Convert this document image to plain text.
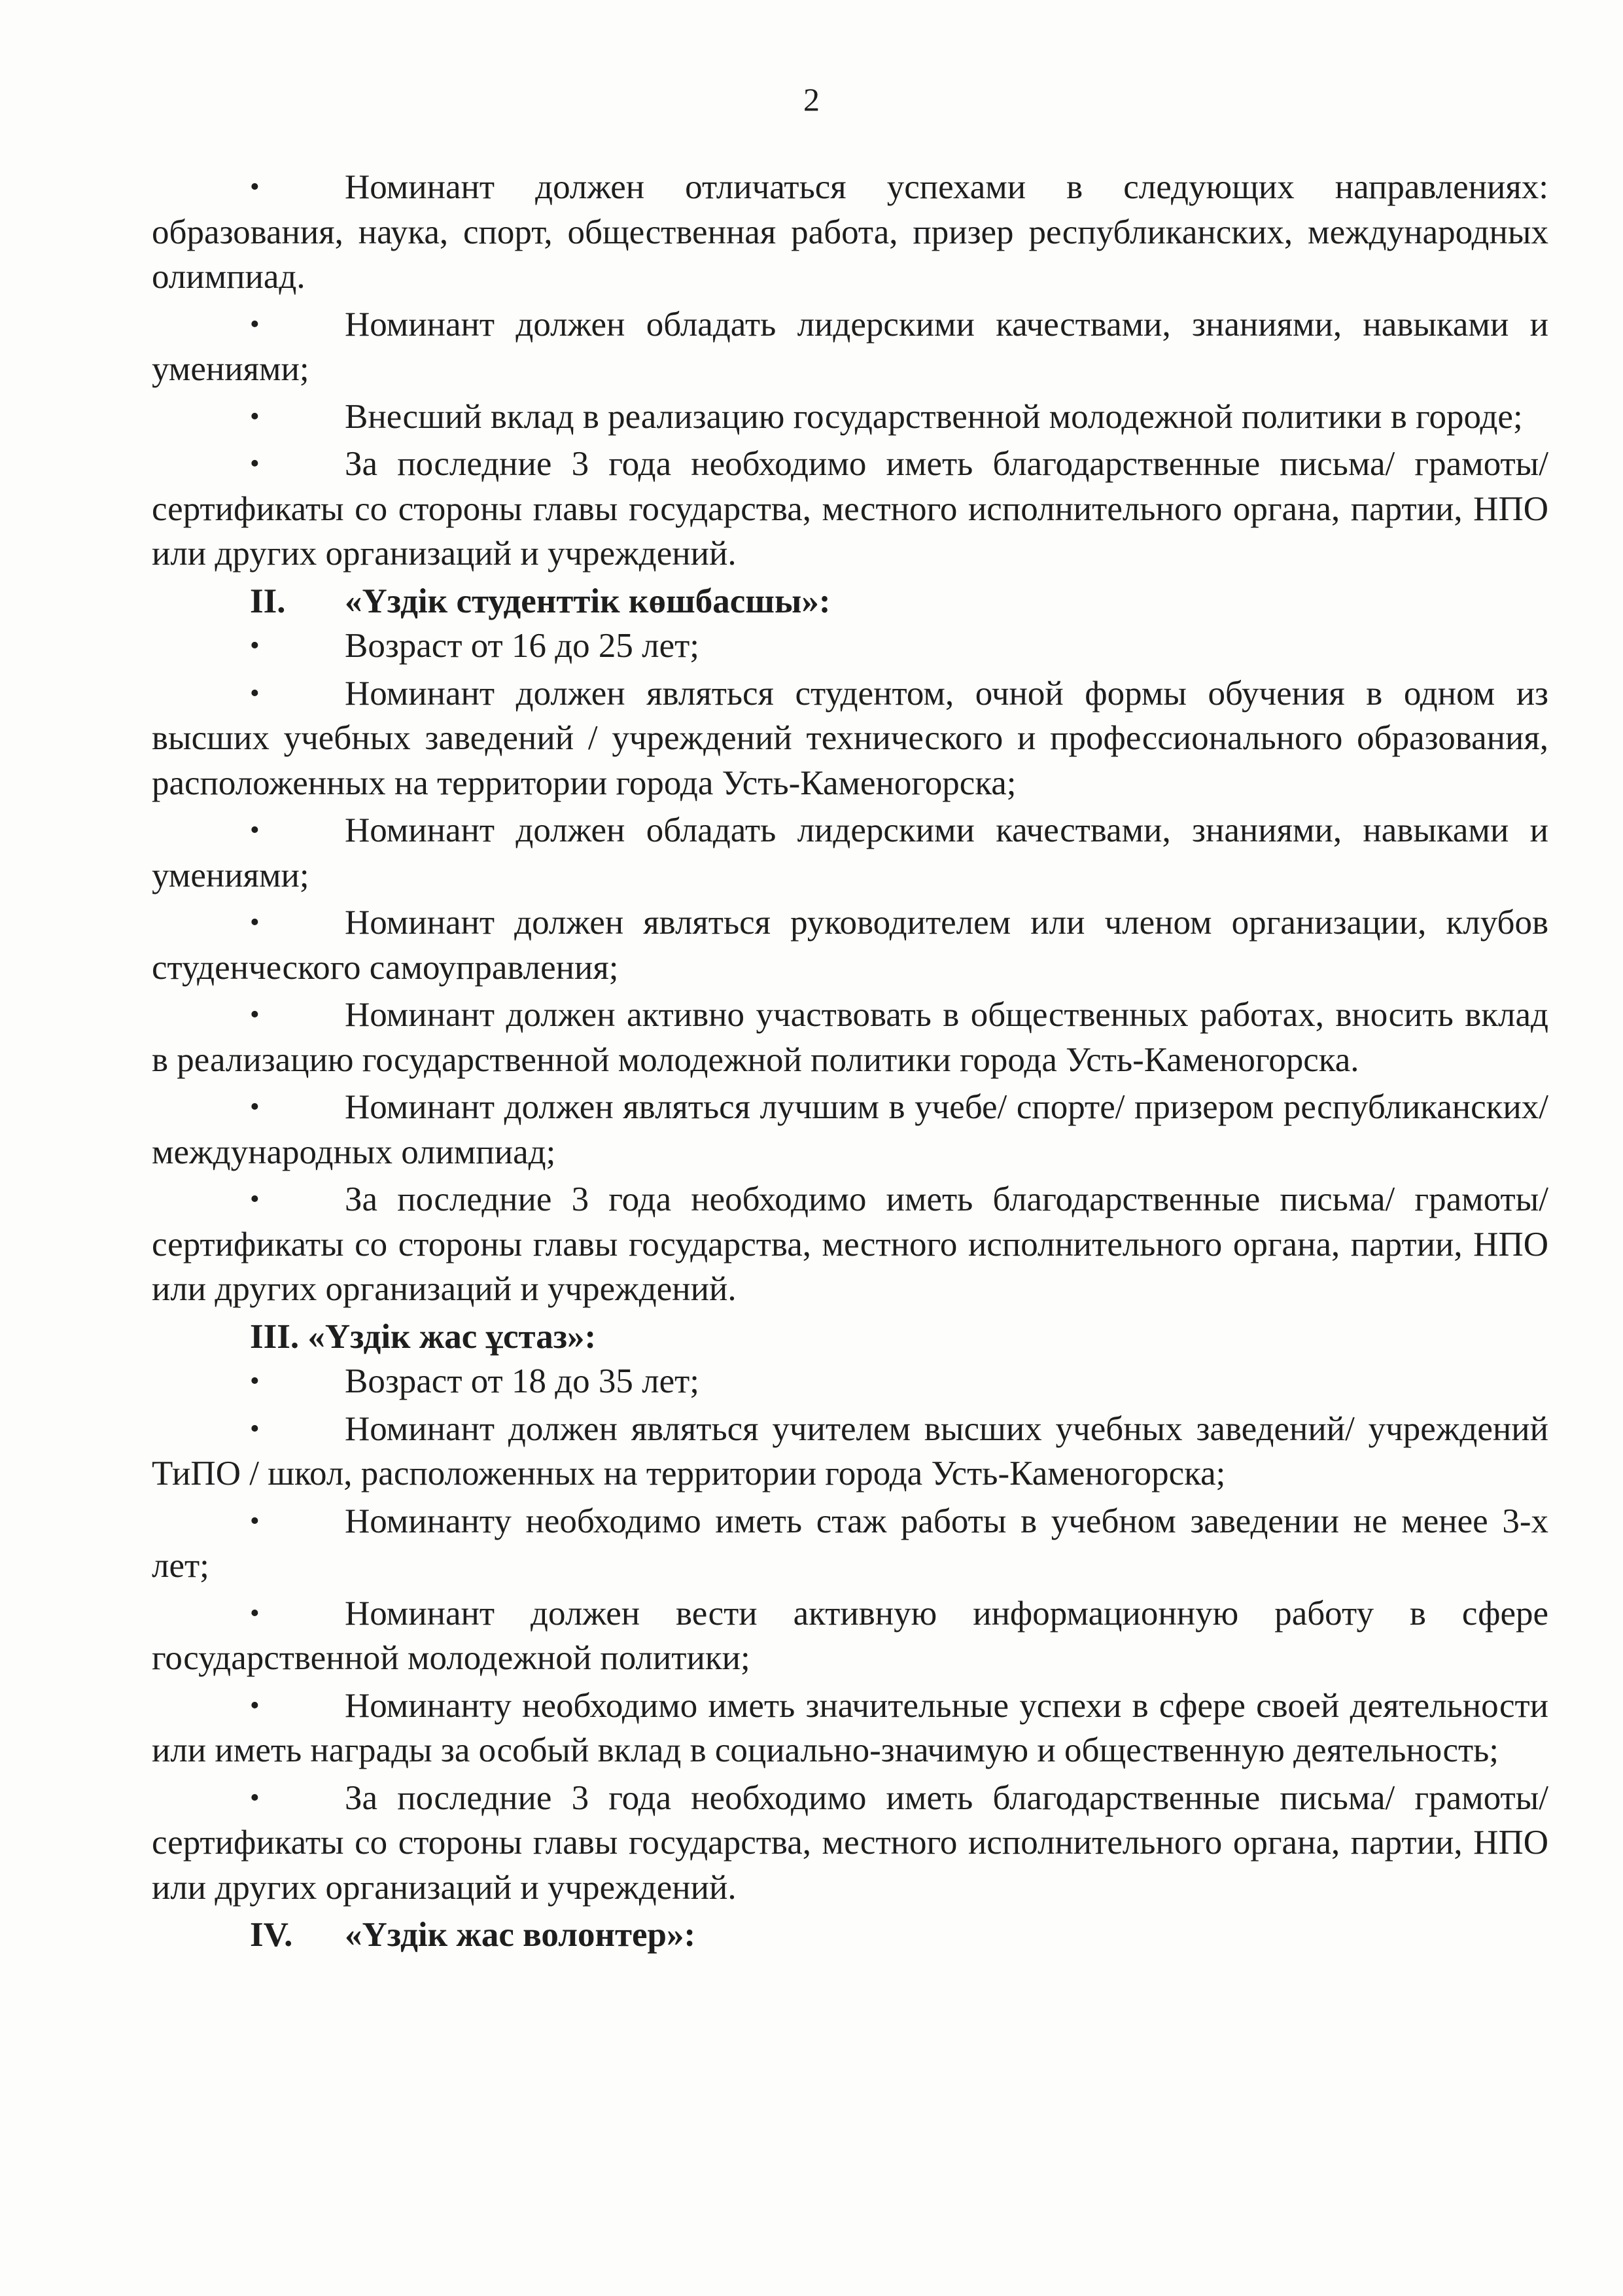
2

• Номинант должен отличаться успехами в следующих направлениях: образования, наука, спорт, общественная работа, призер республиканских, международных олимпиад.

• Номинант должен обладать лидерскими качествами, знаниями, навыками и умениями;

• Внесший вклад в реализацию государственной молодежной политики в городе;

• За последние 3 года необходимо иметь благодарственные письма/ грамоты/ сертификаты со стороны главы государства, местного исполнительного органа, партии, НПО или других организаций и учреждений.

II. «Үздік студенттік көшбасшы»:

• Возраст от 16 до 25 лет;

• Номинант должен являться студентом, очной формы обучения в одном из высших учебных заведений / учреждений технического и профессионального образования, расположенных на территории города Усть-Каменогорска;

• Номинант должен обладать лидерскими качествами, знаниями, навыками и умениями;

• Номинант должен являться руководителем или членом организации, клубов студенческого самоуправления;

• Номинант должен активно участвовать в общественных работах, вносить вклад в реализацию государственной молодежной политики города Усть-Каменогорска.

• Номинант должен являться лучшим в учебе/ спорте/ призером республиканских/ международных олимпиад;

• За последние 3 года необходимо иметь благодарственные письма/ грамоты/ сертификаты со стороны главы государства, местного исполнительного органа, партии, НПО или других организаций и учреждений.

III. «Үздік жас ұстаз»:

• Возраст от 18 до 35 лет;

• Номинант должен являться учителем высших учебных заведений/ учреждений ТиПО / школ, расположенных на территории города Усть-Каменогорска;

• Номинанту необходимо иметь стаж работы в учебном заведении не менее 3-х лет;

• Номинант должен вести активную информационную работу в сфере государственной молодежной политики;

• Номинанту необходимо иметь значительные успехи в сфере своей деятельности или иметь награды за особый вклад в социально-значимую и общественную деятельность;

• За последние 3 года необходимо иметь благодарственные письма/ грамоты/ сертификаты со стороны главы государства, местного исполнительного органа, партии, НПО или других организаций и учреждений.

IV. «Үздік жас волонтер»:
